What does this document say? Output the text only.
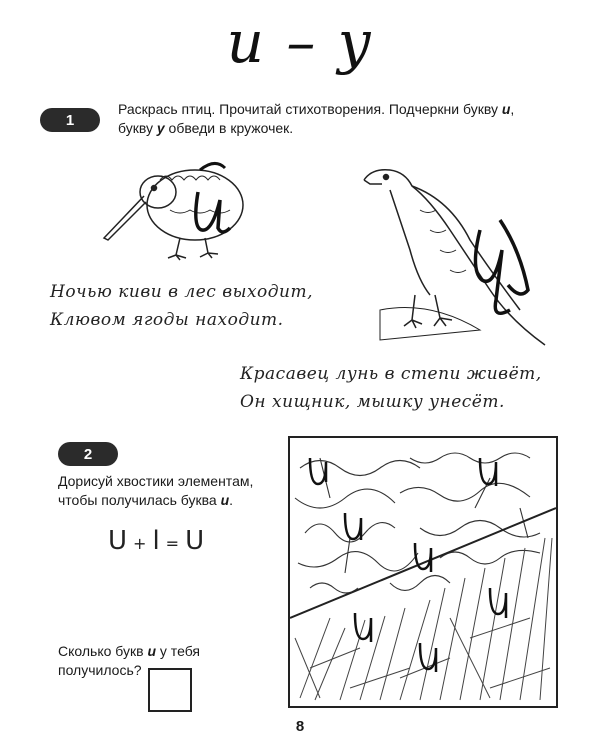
и – у
1
Раскрась птиц. Прочитай стихотворения. Подчеркни букву и,
букву у обведи в кружочек.
Ночью киви в лес выходит,
Клювом ягоды находит.
Красавец лунь в степи живёт,
Он хищник, мышку унесёт.
2
Дорисуй хвостики элементам, чтобы получилась буква и.
U + l = U
Сколько букв и у тебя получилось?
8
